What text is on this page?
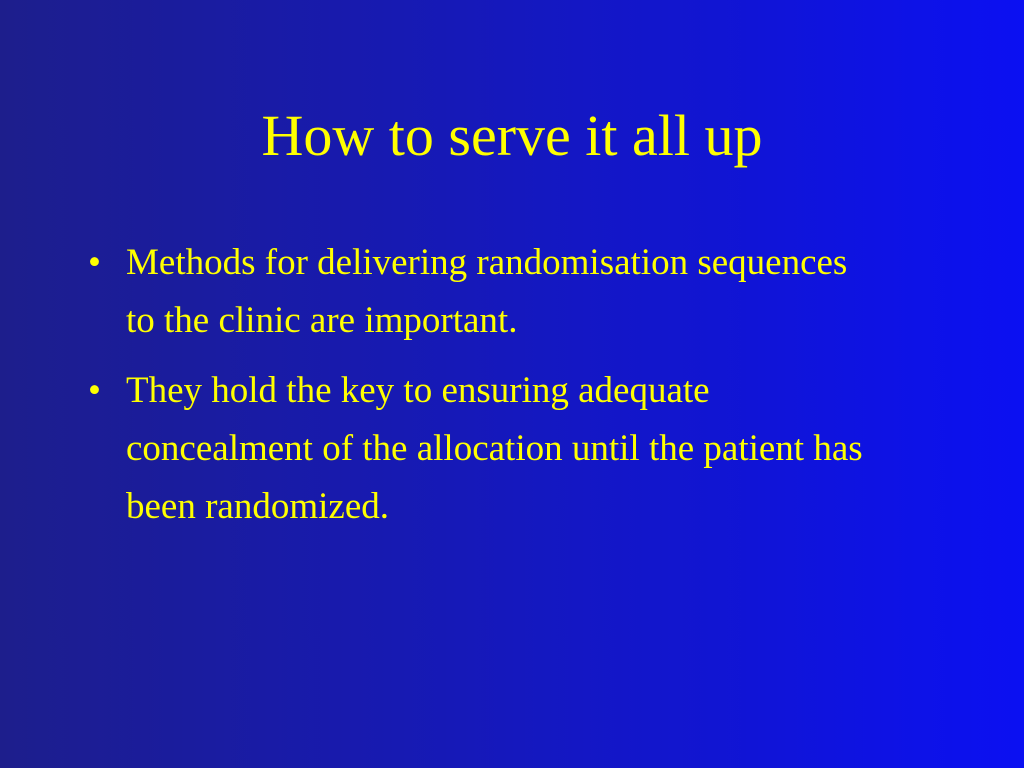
How to serve it all up
• Methods for delivering randomisation sequences to the clinic are important.
• They hold the key to ensuring adequate concealment of the allocation until the patient has been randomized.
